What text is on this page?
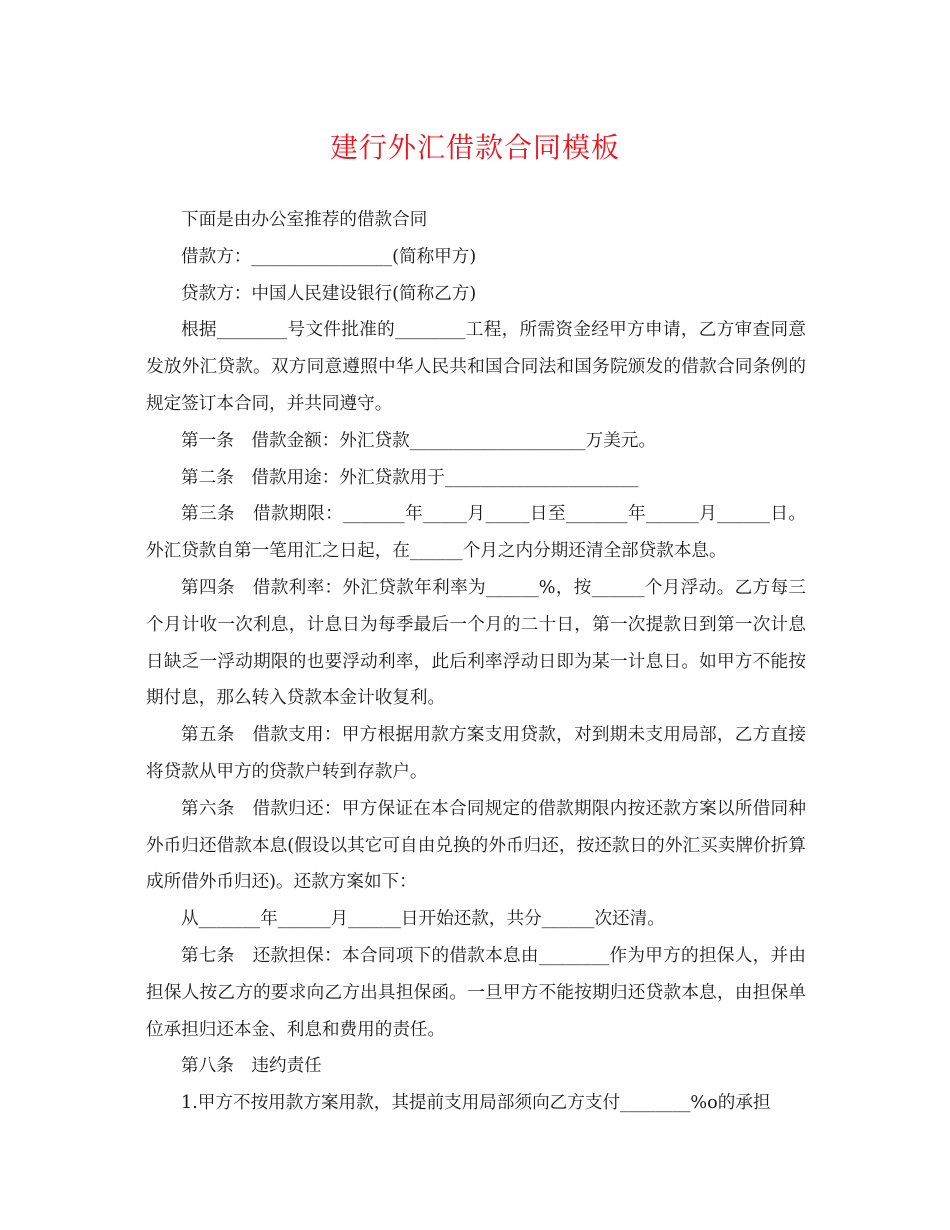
建行外汇借款合同模板

下面是由办公室推荐的借款合同

借款方：________________(简称甲方)

贷款方：中国人民建设银行(简称乙方)

根据________号文件批准的________工程，所需资金经甲方申请，乙方审查同意发放外汇贷款。双方同意遵照中华人民共和国合同法和国务院颁发的借款合同条例的规定签订本合同，并共同遵守。

第一条　借款金额：外汇贷款____________________万美元。

第二条　借款用途：外汇贷款用于______________________

第三条　借款期限：_______年_____月_____日至_______年______月______日。外汇贷款自第一笔用汇之日起，在______个月之内分期还清全部贷款本息。

第四条　借款利率：外汇贷款年利率为______%，按______个月浮动。乙方每三个月计收一次利息，计息日为每季最后一个月的二十日，第一次提款日到第一次计息日缺乏一浮动期限的也要浮动利率，此后利率浮动日即为某一计息日。如甲方不能按期付息，那么转入贷款本金计收复利。

第五条　借款支用：甲方根据用款方案支用贷款，对到期未支用局部，乙方直接将贷款从甲方的贷款户转到存款户。

第六条　借款归还：甲方保证在本合同规定的借款期限内按还款方案以所借同种外币归还借款本息(假设以其它可自由兑换的外币归还，按还款日的外汇买卖牌价折算成所借外币归还)。还款方案如下：

从_______年______月______日开始还款，共分______次还清。

第七条　还款担保：本合同项下的借款本息由________作为甲方的担保人，并由担保人按乙方的要求向乙方出具担保函。一旦甲方不能按期归还贷款本息，由担保单位承担归还本金、利息和费用的责任。

第八条　违约责任

1.甲方不按用款方案用款，其提前支用局部须向乙方支付________%o的承担
